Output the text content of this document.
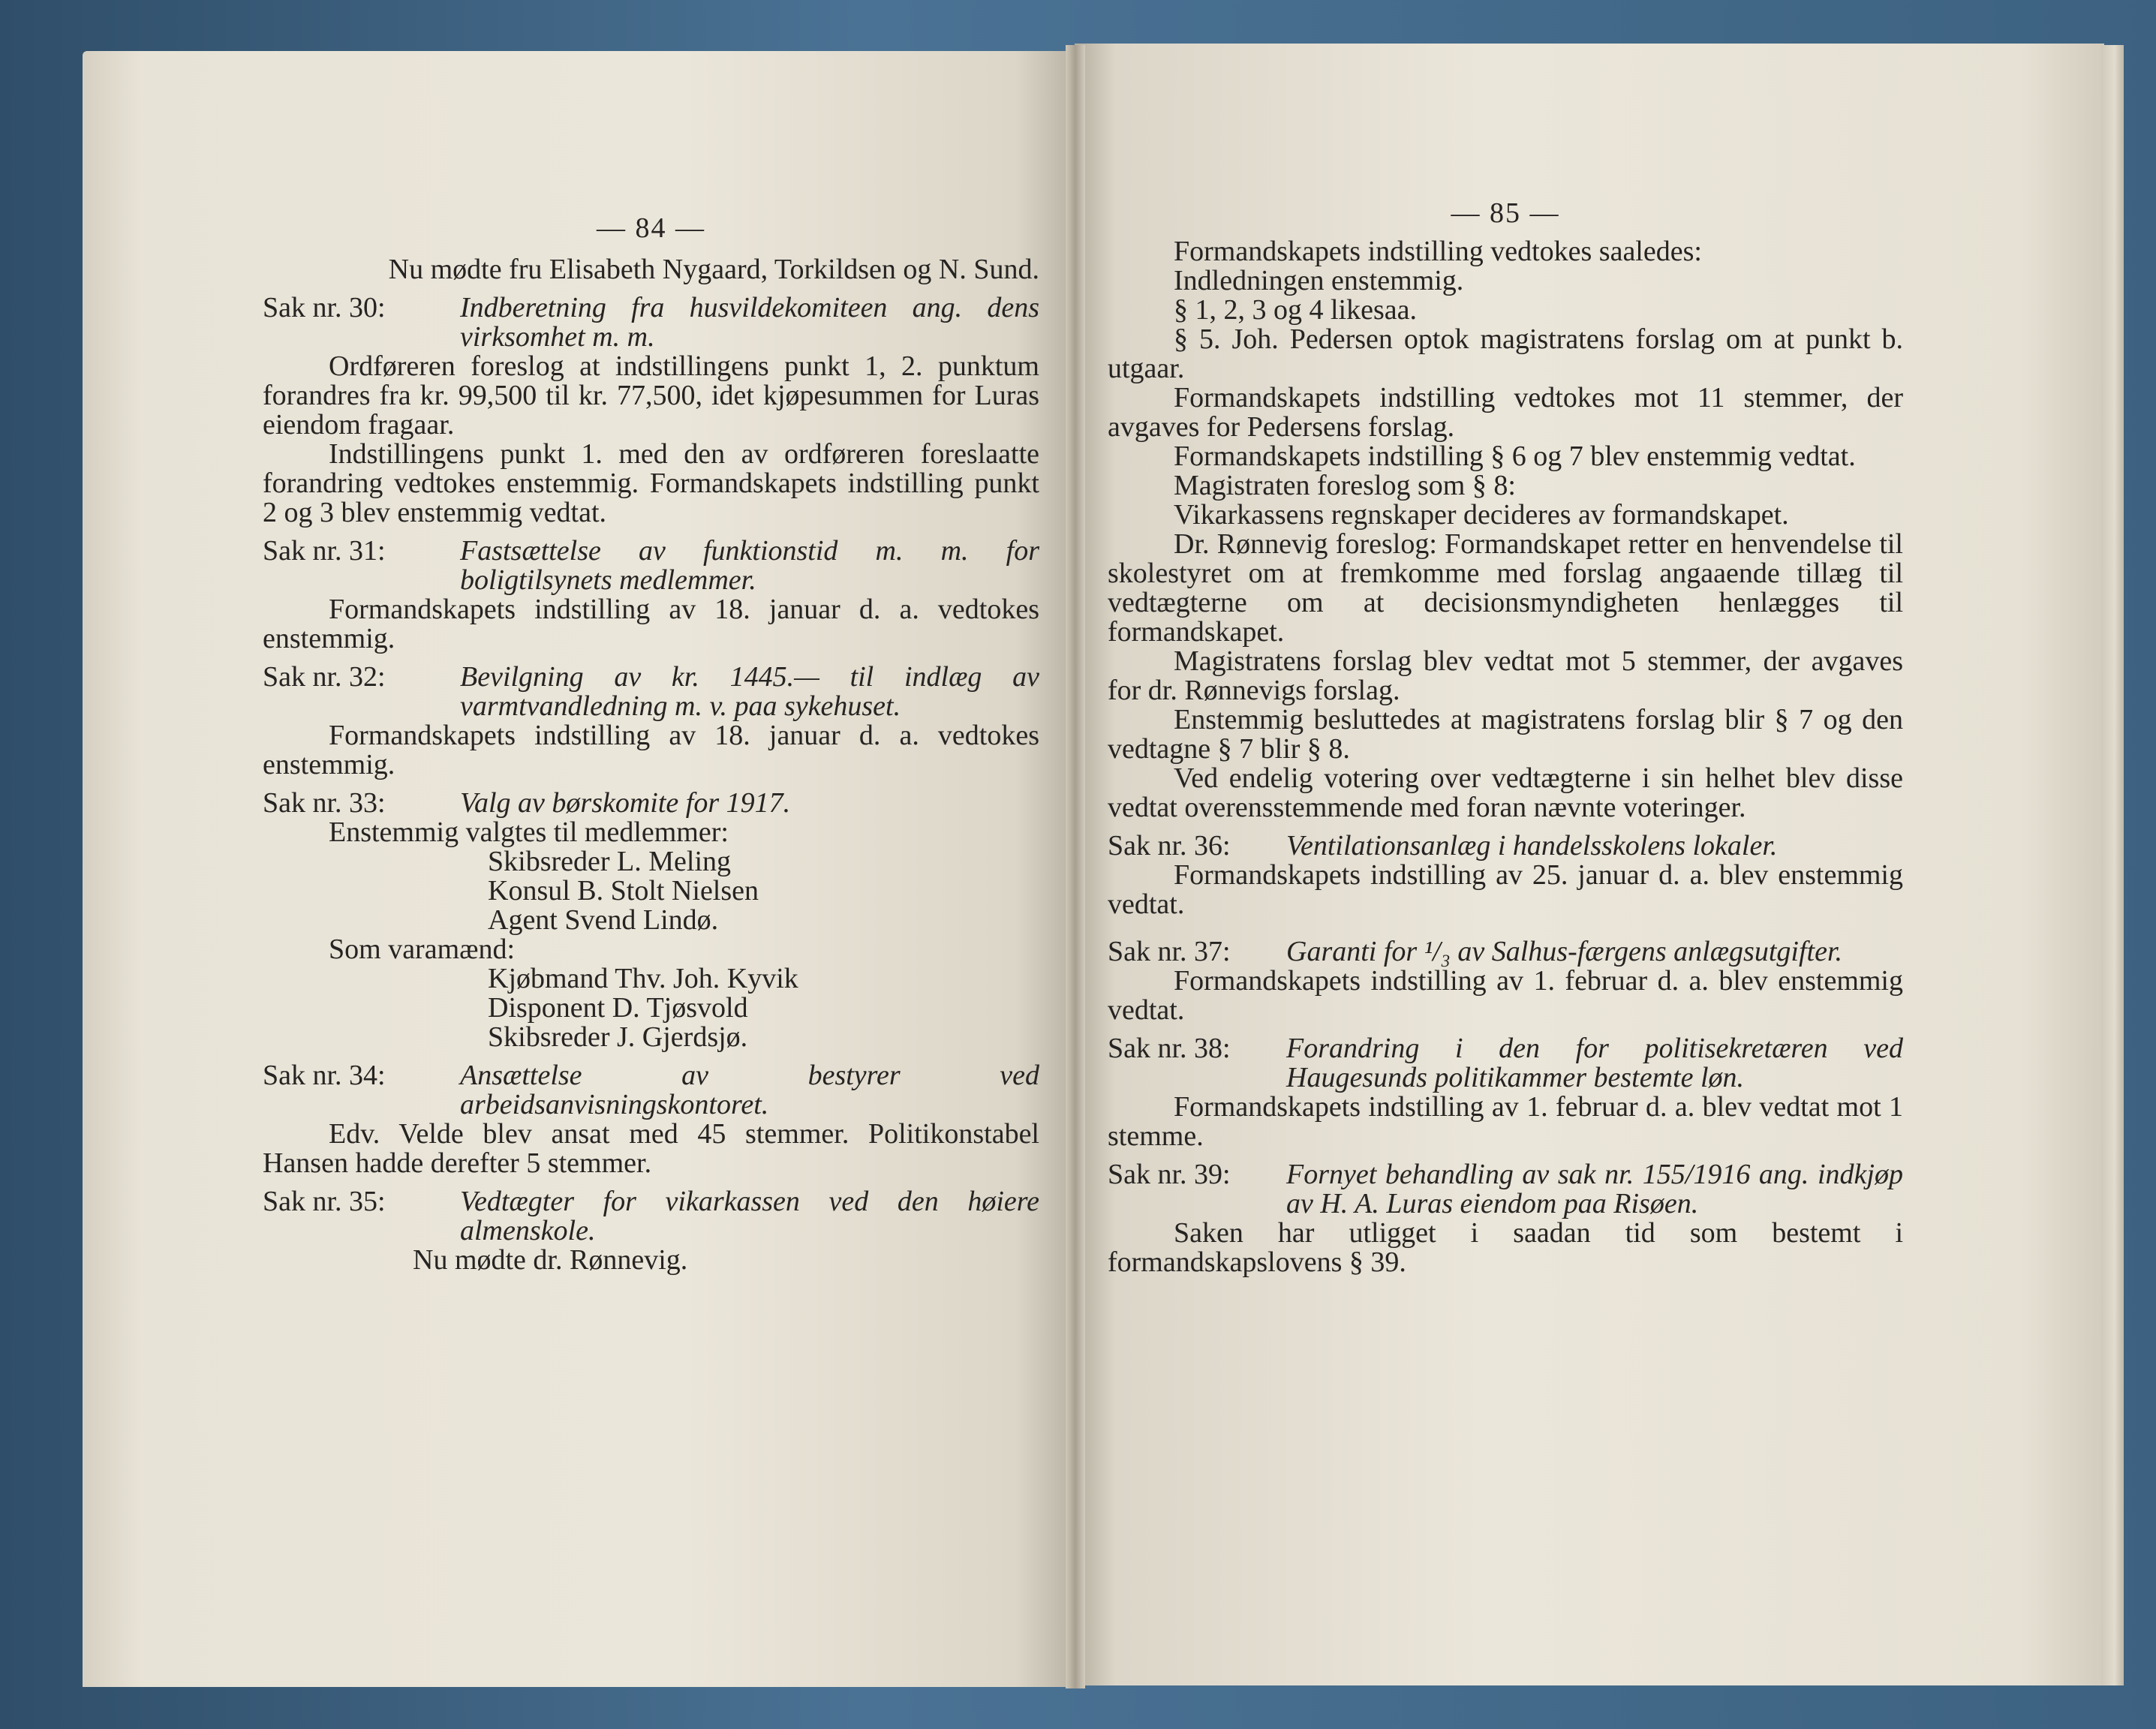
— 84 —

Nu mødte fru Elisabeth Nygaard, Torkildsen og N. Sund.

Sak nr. 30:	Indberetning fra husvildekomiteen ang. dens virksomhet m. m.

Ordføreren foreslog at indstillingens punkt 1, 2. punktum forandres fra kr. 99,500 til kr. 77,500, idet kjøpesummen for Luras eiendom fragaar.

Indstillingens punkt 1. med den av ordføreren foreslaatte forandring vedtokes enstemmig. Formandskapets indstilling punkt 2 og 3 blev enstemmig vedtat.

Sak nr. 31:	Fastsættelse av funktionstid m. m. for boligtilsynets medlemmer.

Formandskapets indstilling av 18. januar d. a. vedtokes enstemmig.

Sak nr. 32:	Bevilgning av kr. 1445.— til indlæg av varmtvandledning m. v. paa sykehuset.

Formandskapets indstilling av 18. januar d. a. vedtokes enstemmig.

Sak nr. 33:	Valg av børskomite for 1917.

Enstemmig valgtes til medlemmer:

Skibsreder L. Meling
Konsul B. Stolt Nielsen
Agent Svend Lindø.
Som varamænd:
Kjøbmand Thv. Joh. Kyvik
Disponent D. Tjøsvold
Skibsreder J. Gjerdsjø.
Sak nr. 34:	Ansættelse av bestyrer ved arbeidsanvisningskontoret.

Edv. Velde blev ansat med 45 stemmer. Politikonstabel Hansen hadde derefter 5 stemmer.

Sak nr. 35:	Vedtægter for vikarkassen ved den høiere almenskole.

Nu mødte dr. Rønnevig.

— 85 —

Formandskapets indstilling vedtokes saaledes:

Indledningen enstemmig.

§ 1, 2, 3 og 4 likesaa.

§ 5. Joh. Pedersen optok magistratens forslag om at punkt b. utgaar.

Formandskapets indstilling vedtokes mot 11 stemmer, der avgaves for Pedersens forslag.

Formandskapets indstilling § 6 og 7 blev enstemmig vedtat.

Magistraten foreslog som § 8:

Vikarkassens regnskaper decideres av formandskapet.

Dr. Rønnevig foreslog: Formandskapet retter en henvendelse til skolestyret om at fremkomme med forslag angaaende tillæg til vedtægterne om at decisionsmyndigheten henlægges til formandskapet.

Magistratens forslag blev vedtat mot 5 stemmer, der avgaves for dr. Rønnevigs forslag.

Enstemmig besluttedes at magistratens forslag blir § 7 og den vedtagne § 7 blir § 8.

Ved endelig votering over vedtægterne i sin helhet blev disse vedtat overensstemmende med foran nævnte voteringer.

Sak nr. 36:	Ventilationsanlæg i handelsskolens lokaler.

Formandskapets indstilling av 25. januar d. a. blev enstemmig vedtat.

Sak nr. 37:	Garanti for ¹/₃ av Salhus-færgens anlægsutgifter.

Formandskapets indstilling av 1. februar d. a. blev enstemmig vedtat.

Sak nr. 38:	Forandring i den for politisekretæren ved Haugesunds politikammer bestemte løn.

Formandskapets indstilling av 1. februar d. a. blev vedtat mot 1 stemme.

Sak nr. 39:	Fornyet behandling av sak nr. 155/1916 ang. indkjøp av H. A. Luras eiendom paa Risøen.

Saken har utligget i saadan tid som bestemt i formandskapslovens § 39.
